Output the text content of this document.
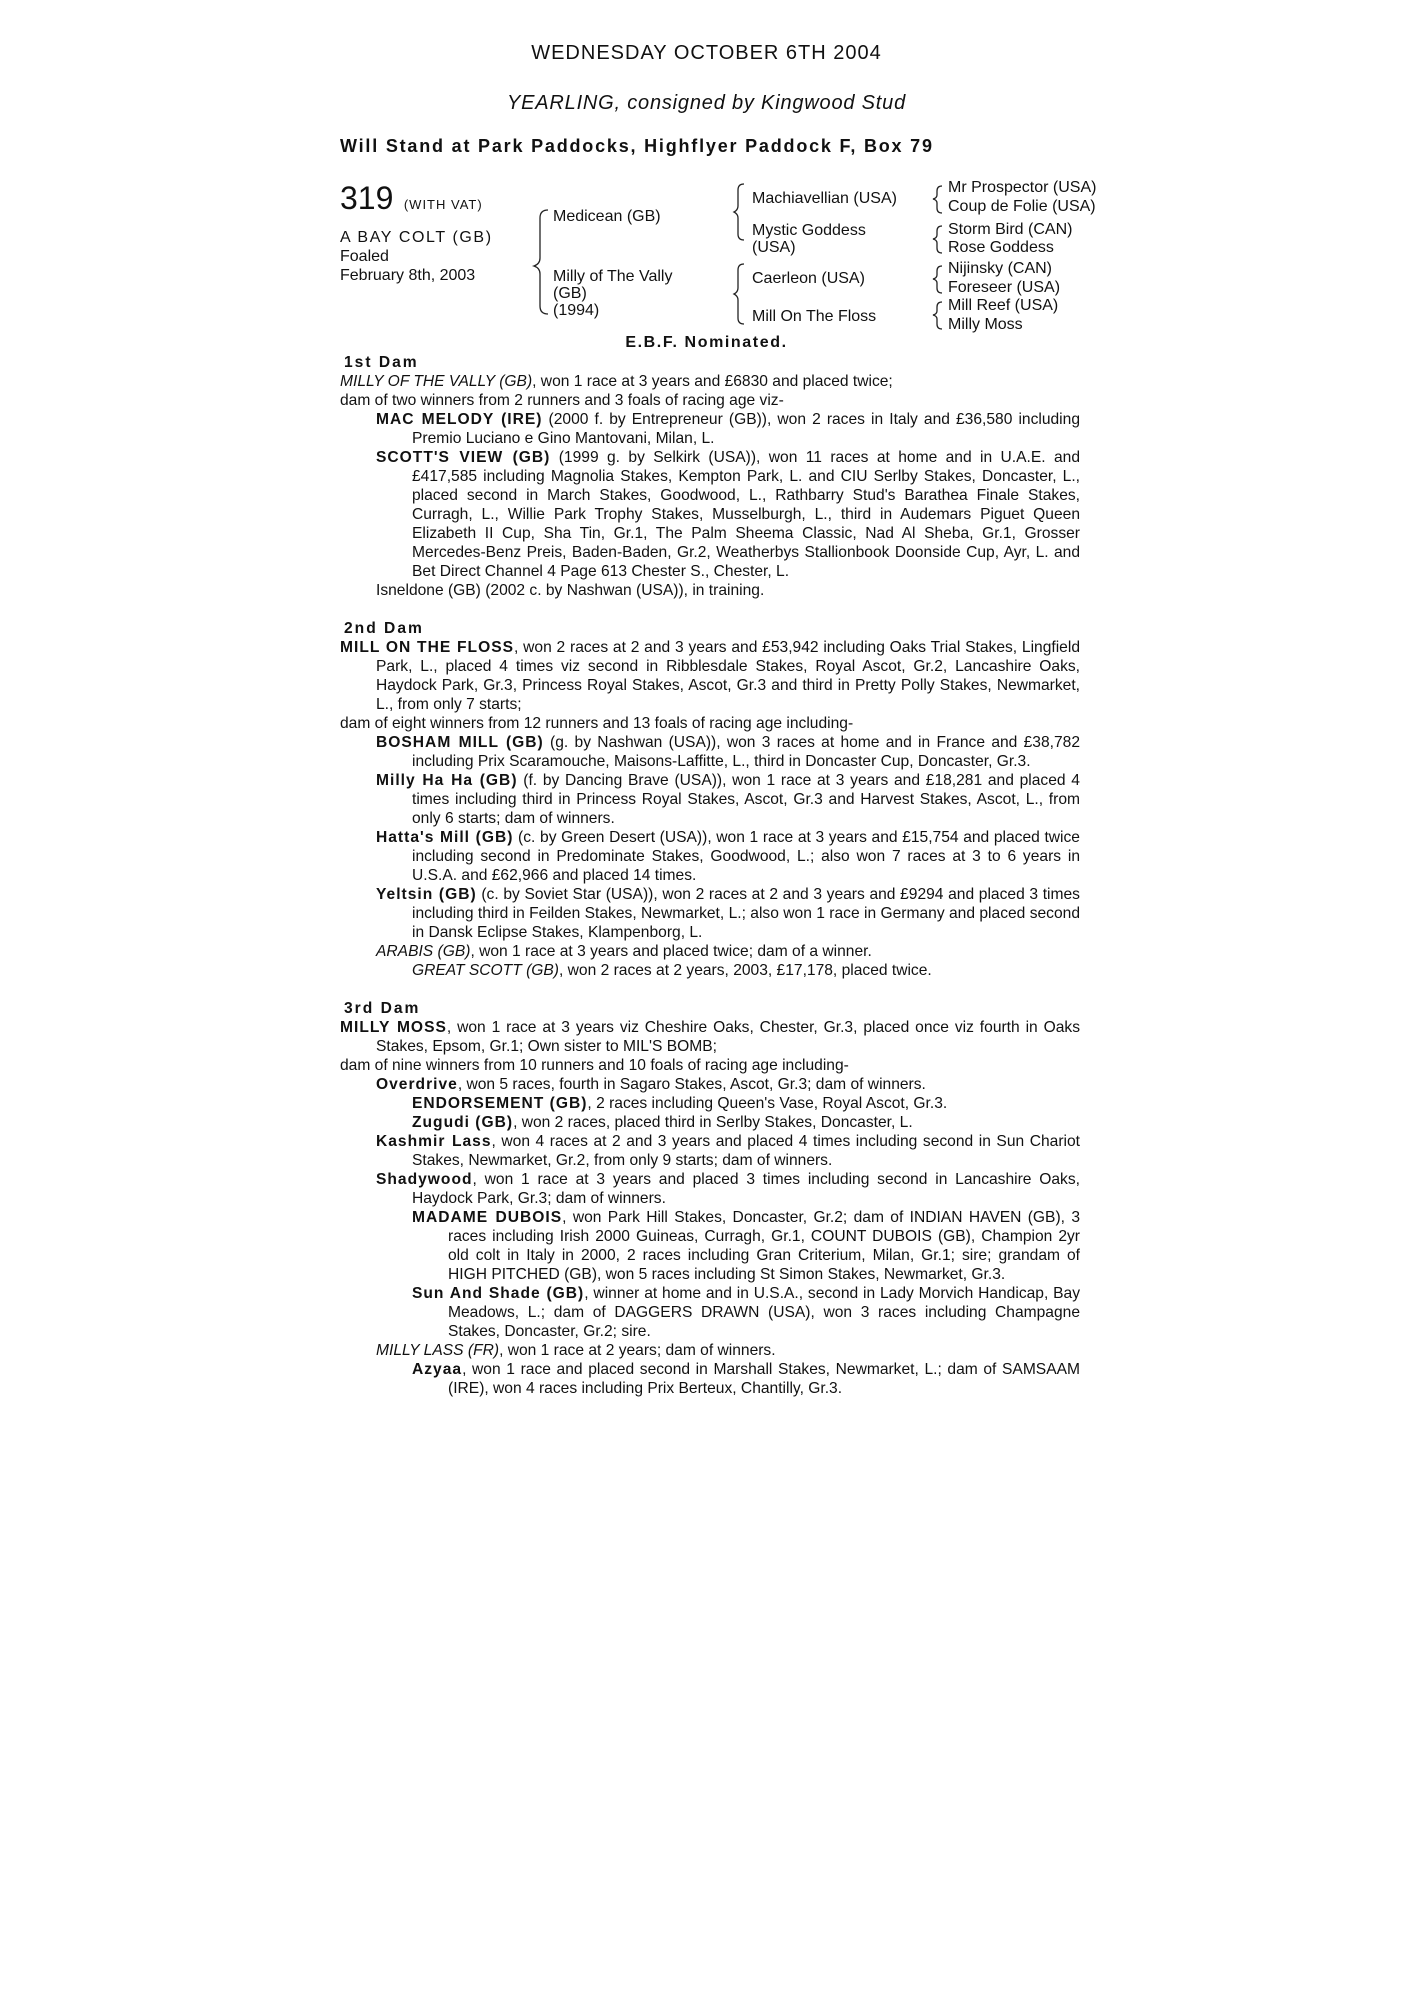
WEDNESDAY OCTOBER 6TH 2004
YEARLING, consigned by Kingwood Stud
Will Stand at Park Paddocks, Highflyer Paddock F, Box 79
319 (WITH VAT)
A BAY COLT (GB)
Foaled
February 8th, 2003
Medicean (GB)
Milly of The Vally
(GB)
(1994)
Machiavellian (USA)
Mystic Goddess
(USA)
Caerleon (USA)
Mill On The Floss
Mr Prospector (USA)
Coup de Folie (USA)
Storm Bird (CAN)
Rose Goddess
Nijinsky (CAN)
Foreseer (USA)
Mill Reef (USA)
Milly Moss
E.B.F. Nominated.
1st Dam

MILLY OF THE VALLY (GB), won 1 race at 3 years and £6830 and placed twice;

dam of two winners from 2 runners and 3 foals of racing age viz-

MAC MELODY (IRE) (2000 f. by Entrepreneur (GB)), won 2 races in Italy and £36,580 including Premio Luciano e Gino Mantovani, Milan, L.

SCOTT'S VIEW (GB) (1999 g. by Selkirk (USA)), won 11 races at home and in U.A.E. and £417,585 including Magnolia Stakes, Kempton Park, L. and CIU Serlby Stakes, Doncaster, L., placed second in March Stakes, Goodwood, L., Rathbarry Stud's Barathea Finale Stakes, Curragh, L., Willie Park Trophy Stakes, Musselburgh, L., third in Audemars Piguet Queen Elizabeth II Cup, Sha Tin, Gr.1, The Palm Sheema Classic, Nad Al Sheba, Gr.1, Grosser Mercedes-Benz Preis, Baden-Baden, Gr.2, Weatherbys Stallionbook Doonside Cup, Ayr, L. and Bet Direct Channel 4 Page 613 Chester S., Chester, L.

Isneldone (GB) (2002 c. by Nashwan (USA)), in training.

2nd Dam

MILL ON THE FLOSS, won 2 races at 2 and 3 years and £53,942 including Oaks Trial Stakes, Lingfield Park, L., placed 4 times viz second in Ribblesdale Stakes, Royal Ascot, Gr.2, Lancashire Oaks, Haydock Park, Gr.3, Princess Royal Stakes, Ascot, Gr.3 and third in Pretty Polly Stakes, Newmarket, L., from only 7 starts;

dam of eight winners from 12 runners and 13 foals of racing age including-

BOSHAM MILL (GB) (g. by Nashwan (USA)), won 3 races at home and in France and £38,782 including Prix Scaramouche, Maisons-Laffitte, L., third in Doncaster Cup, Doncaster, Gr.3.

Milly Ha Ha (GB) (f. by Dancing Brave (USA)), won 1 race at 3 years and £18,281 and placed 4 times including third in Princess Royal Stakes, Ascot, Gr.3 and Harvest Stakes, Ascot, L., from only 6 starts; dam of winners.

Hatta's Mill (GB) (c. by Green Desert (USA)), won 1 race at 3 years and £15,754 and placed twice including second in Predominate Stakes, Goodwood, L.; also won 7 races at 3 to 6 years in U.S.A. and £62,966 and placed 14 times.

Yeltsin (GB) (c. by Soviet Star (USA)), won 2 races at 2 and 3 years and £9294 and placed 3 times including third in Feilden Stakes, Newmarket, L.; also won 1 race in Germany and placed second in Dansk Eclipse Stakes, Klampenborg, L.

ARABIS (GB), won 1 race at 3 years and placed twice; dam of a winner.

GREAT SCOTT (GB), won 2 races at 2 years, 2003, £17,178, placed twice.

3rd Dam

MILLY MOSS, won 1 race at 3 years viz Cheshire Oaks, Chester, Gr.3, placed once viz fourth in Oaks Stakes, Epsom, Gr.1; Own sister to MIL'S BOMB;

dam of nine winners from 10 runners and 10 foals of racing age including-

Overdrive, won 5 races, fourth in Sagaro Stakes, Ascot, Gr.3; dam of winners.

ENDORSEMENT (GB), 2 races including Queen's Vase, Royal Ascot, Gr.3.

Zugudi (GB), won 2 races, placed third in Serlby Stakes, Doncaster, L.

Kashmir Lass, won 4 races at 2 and 3 years and placed 4 times including second in Sun Chariot Stakes, Newmarket, Gr.2, from only 9 starts; dam of winners.

Shadywood, won 1 race at 3 years and placed 3 times including second in Lancashire Oaks, Haydock Park, Gr.3; dam of winners.

MADAME DUBOIS, won Park Hill Stakes, Doncaster, Gr.2; dam of INDIAN HAVEN (GB), 3 races including Irish 2000 Guineas, Curragh, Gr.1, COUNT DUBOIS (GB), Champion 2yr old colt in Italy in 2000, 2 races including Gran Criterium, Milan, Gr.1; sire; grandam of HIGH PITCHED (GB), won 5 races including St Simon Stakes, Newmarket, Gr.3.

Sun And Shade (GB), winner at home and in U.S.A., second in Lady Morvich Handicap, Bay Meadows, L.; dam of DAGGERS DRAWN (USA), won 3 races including Champagne Stakes, Doncaster, Gr.2; sire.

MILLY LASS (FR), won 1 race at 2 years; dam of winners.

Azyaa, won 1 race and placed second in Marshall Stakes, Newmarket, L.; dam of SAMSAAM (IRE), won 4 races including Prix Berteux, Chantilly, Gr.3.
